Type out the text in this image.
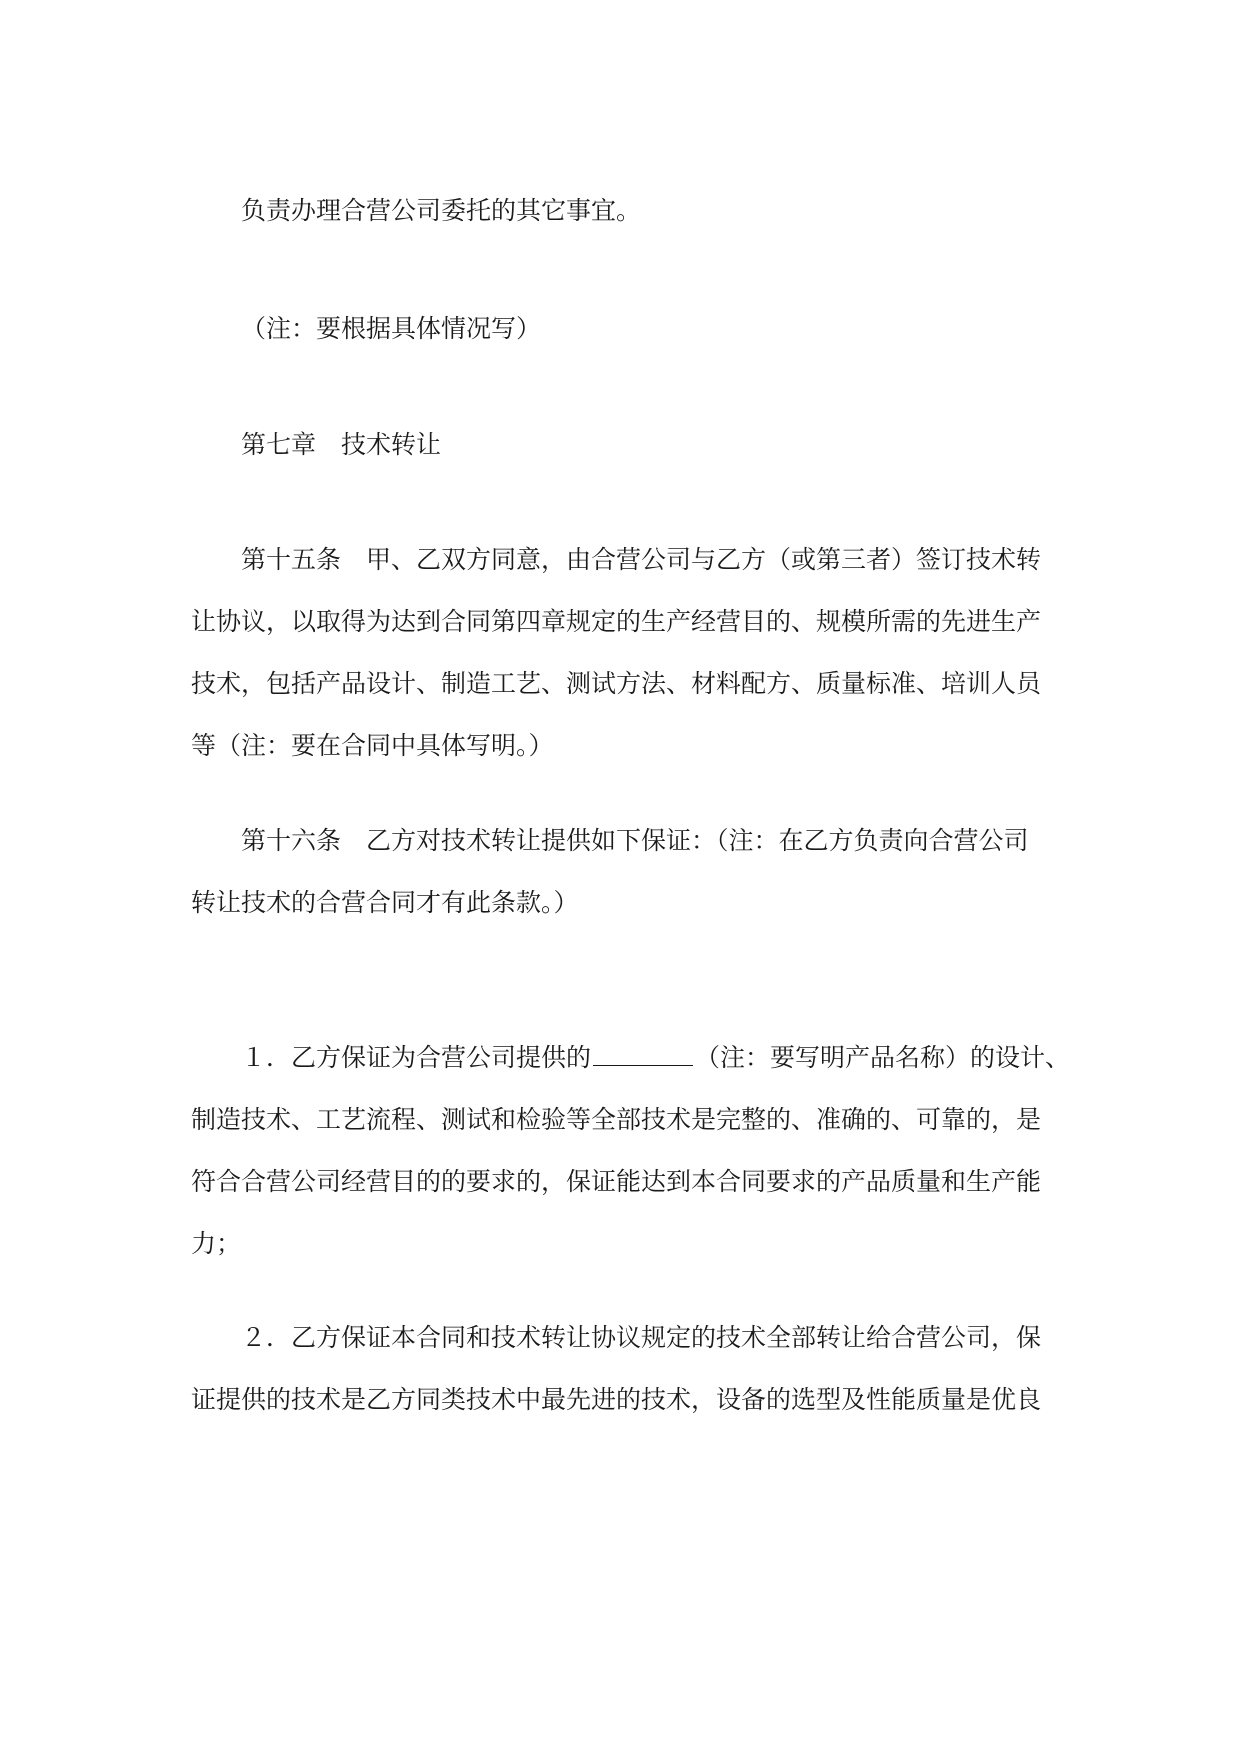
负责办理合营公司委托的其它事宜。

（注：要根据具体情况写）

第七章　技术转让

第十五条　甲、乙双方同意，由合营公司与乙方（或第三者）签订技术转
让协议，以取得为达到合同第四章规定的生产经营目的、规模所需的先进生产
技术，包括产品设计、制造工艺、测试方法、材料配方、质量标准、培训人员
等（注：要在合同中具体写明。）

第十六条　乙方对技术转让提供如下保证：（注：在乙方负责向合营公司
转让技术的合营合同才有此条款。）

１．乙方保证为合营公司提供的	（注：要写明产品名称）的设计、
制造技术、工艺流程、测试和检验等全部技术是完整的、准确的、可靠的，是
符合合营公司经营目的的要求的，保证能达到本合同要求的产品质量和生产能
力；

２．乙方保证本合同和技术转让协议规定的技术全部转让给合营公司，保
证提供的技术是乙方同类技术中最先进的技术，设备的选型及性能质量是优良
